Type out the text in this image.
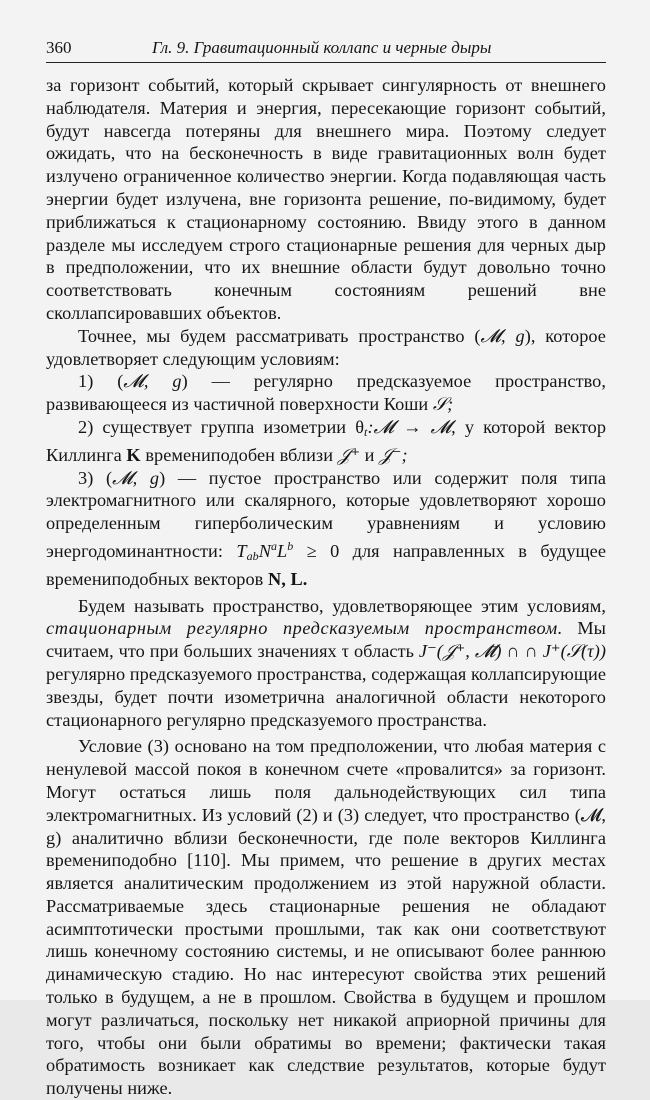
360	Гл. 9. Гравитационный коллапс и черные дыры

за горизонт событий, который скрывает сингулярность от внешнего наблюдателя. Материя и энергия, пересекающие горизонт событий, будут навсегда потеряны для внешнего мира. Поэтому следует ожидать, что на бесконечность в виде гравитационных волн будет излучено ограниченное количество энергии. Когда подавляющая часть энергии будет излучена, вне горизонта решение, по-видимому, будет приближаться к стационарному состоянию. Ввиду этого в данном разделе мы исследуем строго стационарные решения для черных дыр в предположении, что их внешние области будут довольно точно соответствовать конечным состояниям решений вне сколлапсировавших объектов.

Точнее, мы будем рассматривать пространство (𝓜, g), которое удовлетворяет следующим условиям:

1) (𝓜, g) — регулярно предсказуемое пространство, развивающееся из частичной поверхности Коши 𝒮;

2) существует группа изометрии $\theta_t:𝓜$ → 𝓜, у которой вектор Киллинга K времениподобен вблизи 𝒥⁺ и 𝒥⁻;

3) (𝓜, g) — пустое пространство или содержит поля типа электромагнитного или скалярного, которые удовлетворяют хорошо определенным гиперболическим уравнениям и условию энергодоминантности: $T_{ab}N^aL^b \ge 0$ для направленных в будущее времениподобных векторов N, L.

Будем называть пространство, удовлетворяющее этим условиям, стационарным регулярно предсказуемым пространством. Мы считаем, что при больших значениях τ область J⁻(𝒥⁺, 𝓜̄) ∩ ∩ J⁺(𝒮(τ)) регулярно предсказуемого пространства, содержащая коллапсирующие звезды, будет почти изометрична аналогичной области некоторого стационарного регулярно предсказуемого пространства.

Условие (3) основано на том предположении, что любая материя с ненулевой массой покоя в конечном счете «провалится» за горизонт. Могут остаться лишь поля дальнодействующих сил типа электромагнитных. Из условий (2) и (3) следует, что пространство (𝓜, g) аналитично вблизи бесконечности, где поле векторов Киллинга времениподобно [110]. Мы примем, что решение в других местах является аналитическим продолжением из этой наружной области. Рассматриваемые здесь стационарные решения не обладают асимптотически простыми прошлыми, так как они соответствуют лишь конечному состоянию системы, и не описывают более раннюю динамическую стадию. Но нас интересуют свойства этих решений только в будущем, а не в прошлом. Свойства в будущем и прошлом могут различаться, поскольку нет никакой априорной причины для того, чтобы они были обратимы во времени; фактически такая обратимость возникает как следствие результатов, которые будут получены ниже.
